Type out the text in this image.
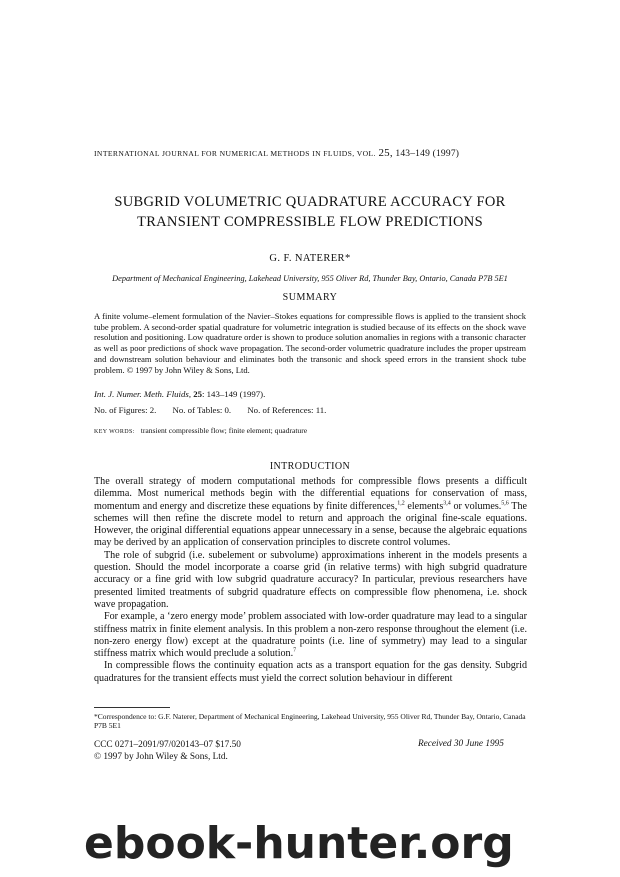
INTERNATIONAL JOURNAL FOR NUMERICAL METHODS IN FLUIDS, VOL. 25, 143–149 (1997)
SUBGRID VOLUMETRIC QUADRATURE ACCURACY FOR
TRANSIENT COMPRESSIBLE FLOW PREDICTIONS
G. F. NATERER*
Department of Mechanical Engineering, Lakehead University, 955 Oliver Rd, Thunder Bay, Ontario, Canada P7B 5E1
SUMMARY
A finite volume–element formulation of the Navier–Stokes equations for compressible flows is applied to the transient shock tube problem. A second-order spatial quadrature for volumetric integration is studied because of its effects on the shock wave resolution and positioning. Low quadrature order is shown to produce solution anomalies in regions with a transonic character as well as poor predictions of shock wave propagation. The second-order volumetric quadrature includes the proper upstream and downstream solution behaviour and eliminates both the transonic and shock speed errors in the transient shock tube problem. © 1997 by John Wiley & Sons, Ltd.
Int. J. Numer. Meth. Fluids, 25: 143–149 (1997).
No. of Figures: 2. No. of Tables: 0. No. of References: 11.
KEY WORDS: transient compressible flow; finite element; quadrature
INTRODUCTION

The overall strategy of modern computational methods for compressible flows presents a difficult dilemma. Most numerical methods begin with the differential equations for conservation of mass, momentum and energy and discretize these equations by finite differences,$^{1,2}$ elements$^{3,4}$ or volumes.$^{5,6}$ The schemes will then refine the discrete model to return and approach the original fine-scale equations. However, the original differential equations appear unnecessary in a sense, because the algebraic equations may be derived by an application of conservation principles to discrete control volumes.

The role of subgrid (i.e. subelement or subvolume) approximations inherent in the models presents a question. Should the model incorporate a coarse grid (in relative terms) with high subgrid quadrature accuracy or a fine grid with low subgrid quadrature accuracy? In particular, previous researchers have presented limited treatments of subgrid quadrature effects on compressible flow phenomena, i.e. shock wave propagation.

For example, a ‘zero energy mode’ problem associated with low-order quadrature may lead to a singular stiffness matrix in finite element analysis. In this problem a non-zero response throughout the element (i.e. non-zero energy flow) except at the quadrature points (i.e. line of symmetry) may lead to a singular stiffness matrix which would preclude a solution.$^7$

In compressible flows the continuity equation acts as a transport equation for the gas density. Subgrid quadratures for the transient effects must yield the correct solution behaviour in different

*Correspondence to: G.F. Naterer, Department of Mechanical Engineering, Lakehead University, 955 Oliver Rd, Thunder Bay, Ontario, Canada P7B 5E1
CCC 0271–2091/97/020143–07 $17.50
© 1997 by John Wiley & Sons, Ltd.
Received 30 June 1995
ebook-hunter.org
